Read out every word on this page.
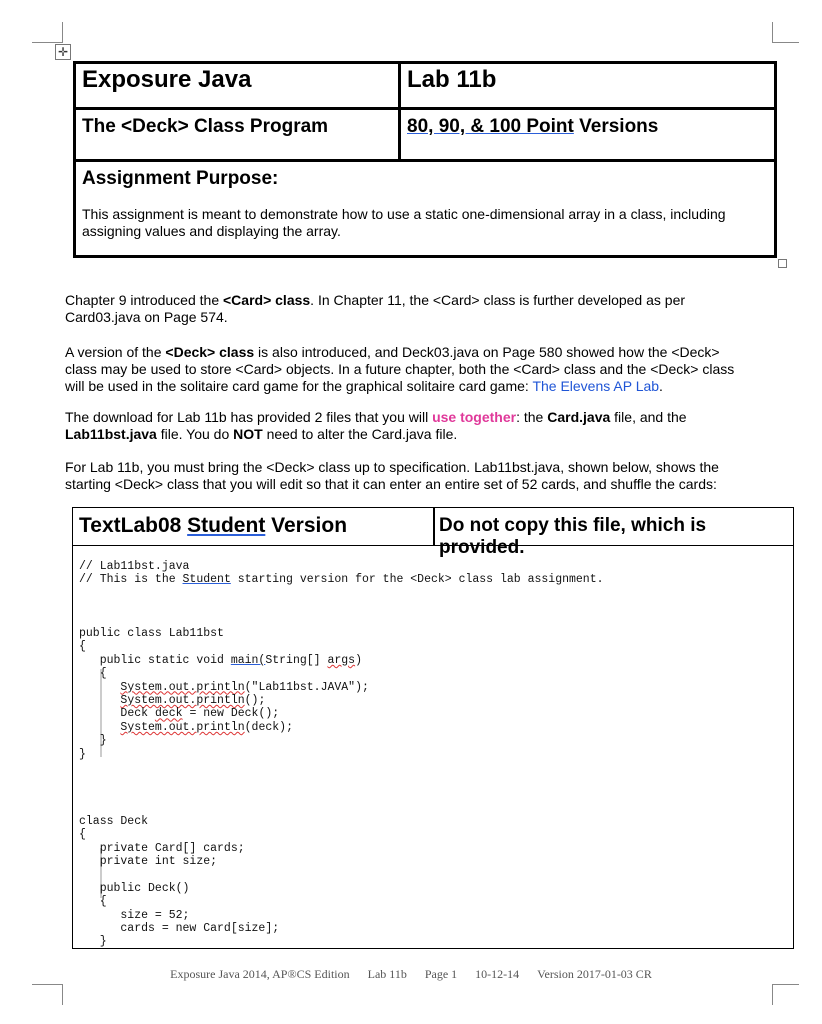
✛
Exposure Java	Lab 11b
The <Deck> Class Program	80, 90, & 100 Point Versions

Assignment Purpose:
This assignment is meant to demonstrate how to use a static one-dimensional array in a class, including assigning values and displaying the array.	
Chapter 9 introduced the <Card> class. In Chapter 11, the <Card> class is further developed as per Card03.java on Page 574.
A version of the <Deck> class is also introduced, and Deck03.java on Page 580 showed how the <Deck> class may be used to store <Card> objects. In a future chapter, both the <Card> class and the <Deck> class will be used in the solitaire card game for the graphical solitaire card game: The Elevens AP Lab.
The download for Lab 11b has provided 2 files that you will use together: the Card.java file, and the Lab11bst.java file. You do NOT need to alter the Card.java file.
For Lab 11b, you must bring the <Deck> class up to specification. Lab11bst.java, shown below, shows the starting <Deck> class that you will edit so that it can enter an entire set of 52 cards, and shuffle the cards:
TextLab08 Student Version	Do not copy this file, which is provided.
// Lab11bst.java
// This is the Student starting version for the <Deck> class lab assignment.

public class Lab11bst
{
public static void main(String[] args)
{
System.out.println("Lab11bst.JAVA");
System.out.println();
Deck deck = new Deck();
System.out.println(deck);
}
}

class Deck
{
private Card[] cards;
private int size;

public Deck()
{
size = 52;
cards = new Card[size];
}
Exposure Java 2014, AP®CS Edition Lab 11b Page 1 10-12-14 Version 2017-01-03 CR
